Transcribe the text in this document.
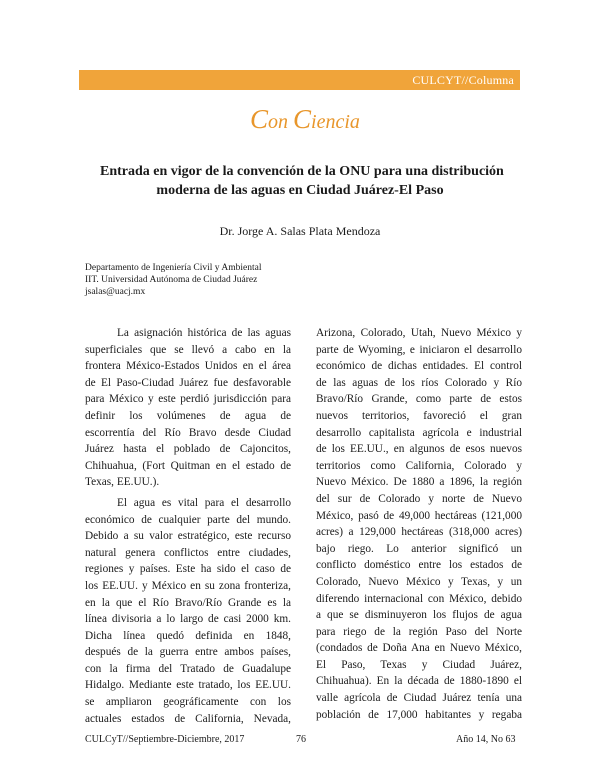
CULCYT//Columna
Con Ciencia
Entrada en vigor de la convención de la ONU para una distribución
moderna de las aguas en Ciudad Juárez-El Paso
Dr. Jorge A. Salas Plata Mendoza
Departamento de Ingeniería Civil y Ambiental
IIT. Universidad Autónoma de Ciudad Juárez
jsalas@uacj.mx
La asignación histórica de las aguas
superficiales que se llevó a cabo en la
frontera México-Estados Unidos en el área
de El Paso-Ciudad Juárez fue desfavorable
para México y este perdió jurisdicción para
definir los volúmenes de agua de
escorrentía del Río Bravo desde Ciudad
Juárez hasta el poblado de Cajoncitos,
Chihuahua, (Fort Quitman en el estado de
Texas, EE.UU.).
El agua es vital para el desarrollo
económico de cualquier parte del mundo.
Debido a su valor estratégico, este recurso
natural genera conflictos entre ciudades,
regiones y países. Este ha sido el caso de
los EE.UU. y México en su zona fronteriza,
en la que el Río Bravo/Río Grande es la
línea divisoria a lo largo de casi 2000 km.
Dicha línea quedó definida en 1848,
después de la guerra entre ambos países,
con la firma del Tratado de Guadalupe
Hidalgo. Mediante este tratado, los EE.UU.
se ampliaron geográficamente con los
actuales estados de California, Nevada,
Arizona, Colorado, Utah, Nuevo México y
parte de Wyoming, e iniciaron el desarrollo
económico de dichas entidades. El control
de las aguas de los ríos Colorado y Río
Bravo/Río Grande, como parte de estos
nuevos territorios, favoreció el gran
desarrollo capitalista agrícola e industrial
de los EE.UU., en algunos de esos nuevos
territorios como California, Colorado y
Nuevo México. De 1880 a 1896, la región
del sur de Colorado y norte de Nuevo
México, pasó de 49,000 hectáreas (121,000
acres) a 129,000 hectáreas (318,000 acres)
bajo riego. Lo anterior significó un
conflicto doméstico entre los estados de
Colorado, Nuevo México y Texas, y un
diferendo internacional con México, debido
a que se disminuyeron los flujos de agua
para riego de la región Paso del Norte
(condados de Doña Ana en Nuevo México,
El Paso, Texas y Ciudad Juárez,
Chihuahua). En la década de 1880-1890 el
valle agrícola de Ciudad Juárez tenía una
población de 17,000 habitantes y regaba
CULCyT//Septiembre-Diciembre, 2017	76	Año 14, No 63
